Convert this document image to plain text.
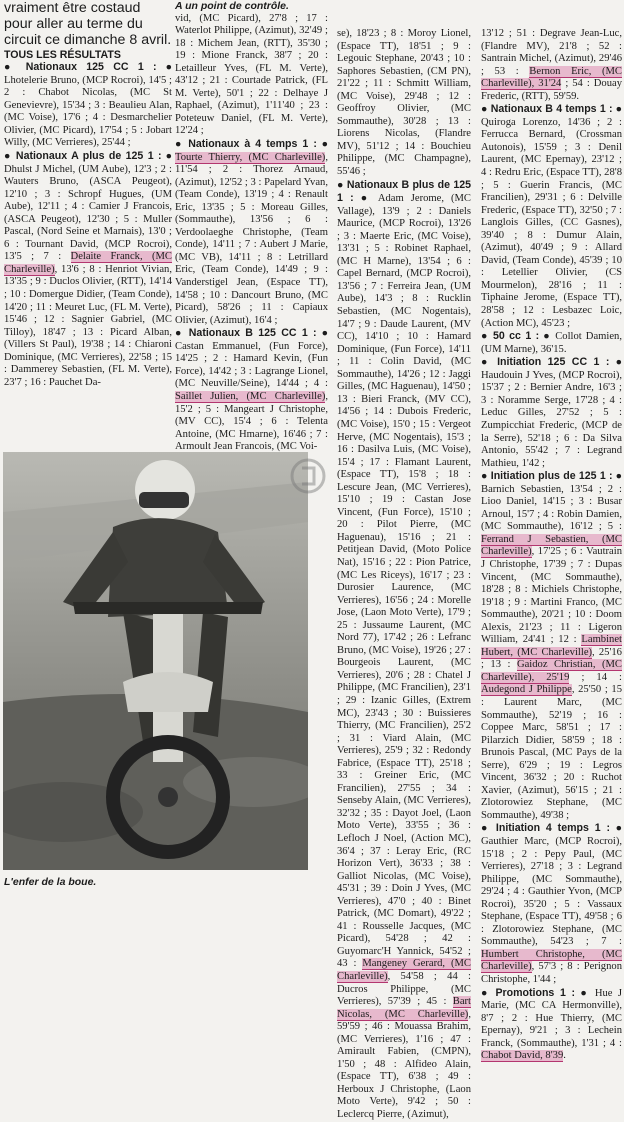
vraiment être costaud pour aller au terme du circuit ce dimanche 8 avril.

TOUS LES RÉSULTATS

● Nationaux 125 CC 1 : ● Lhotelerie Bruno, (MCP Rocroi), 14'5 ; 2 : Chabot Nicolas, (MC St Genevievre), 15'34 ; 3 : Beaulieu Alan, (MC Voise), 17'6 ; 4 : Desmarchelier Olivier, (MC Picard), 17'54 ; 5 : Jobart Willy, (MC Verrieres), 25'44 ;

● Nationaux A plus de 125 1 : ● Dhulst J Michel, (UM Aube), 12'3 ; 2 : Wauters Bruno, (ASCA Peugeot), 12'10 ; 3 : Schropf Hugues, (UM Aube), 12'11 ; 4 : Camier J Francois, (ASCA Peugeot), 12'30 ; 5 : Muller Pascal, (Nord Seine et Marnais), 13'0 ; 6 : Tournant David, (MCP Rocroi), 13'5 ; 7 : Delaite Franck, (MC Charleville), 13'6 ; 8 : Henriot Vivian, 13'35 ; 9 : Duclos Olivier, (RTT), 14'14 ; 10 : Domergue Didier, (Team Conde), 14'20 ; 11 : Meuret Luc, (FL M. Verte), 15'46 ; 12 : Sagnier Gabriel, (MC Tilloy), 18'47 ; 13 : Picard Alban, (Villers St Paul), 19'38 ; 14 : Chiaroni Dominique, (MC Verrieres), 22'58 ; 15 : Dammerey Sebastien, (FL M. Verte), 23'7 ; 16 : Pauchet Da-

L'enfer de la boue.

A un point de contrôle.

vid, (MC Picard), 27'8 ; 17 : Waterlot Philippe, (Azimut), 32'49 ; 18 : Michem Jean, (RTT), 35'30 ; 19 : Mione Franck, 38'7 ; 20 : Letailleur Yves, (FL M. Verte), 43'12 ; 21 : Courtade Patrick, (FL M. Verte), 50'1 ; 22 : Delhaye J Raphael, (Azimut), 1'11'40 ; 23 : Poteteuw Daniel, (FL M. Verte), 12'24 ;

● Nationaux à 4 temps 1 : ● Tourte Thierry, (MC Charleville), 11'54 ; 2 : Thorez Arnaud, (Azimut), 12'52 ; 3 : Papelard Yvan, (Team Conde), 13'19 ; 4 : Renault Eric, 13'35 ; 5 : Moreau Gilles, (Sommauthe), 13'56 ; 6 : Verdoolaeghe Christophe, (Team Conde), 14'11 ; 7 : Aubert J Marie, (MC VB), 14'11 ; 8 : Letrillard Eric, (Team Conde), 14'49 ; 9 : Vanderstigel Jean, (Espace TT), 14'58 ; 10 : Dancourt Bruno, (MC Picard), 58'26 ; 11 : Capiaux Olivier, (Azimut), 16'4 ;

● Nationaux B 125 CC 1 : ● Castan Emmanuel, (Fun Force), 14'25 ; 2 : Hamard Kevin, (Fun Force), 14'42 ; 3 : Lagrange Lionel, (MC Neuville/Seine), 14'44 ; 4 : Saillet Julien, (MC Charleville), 15'2 ; 5 : Mangeart J Christophe, (MV CC), 15'4 ; 6 : Telenta Antoine, (MC Hmarne), 16'46 ; 7 : Armoult Jean Francois, (MC Voi-

se), 18'23 ; 8 : Moroy Lionel, (Espace TT), 18'51 ; 9 : Legouic Stephane, 20'43 ; 10 : Saphores Sebastien, (CM PN), 21'22 ; 11 : Schmitt William, (MC Voise), 29'48 ; 12 : Geoffroy Olivier, (MC Sommauthe), 30'28 ; 13 : Liorens Nicolas, (Flandre MV), 51'12 ; 14 : Bouchieu Philippe, (MC Champagne), 55'46 ;

● Nationaux B plus de 125 1 : ● Adam Jerome, (MC Vallage), 13'9 ; 2 : Daniels Maurice, (MCP Rocroi), 13'26 ; 3 : Maerte Eric, (MC Voise), 13'31 ; 5 : Robinet Raphael, (MC H Marne), 13'54 ; 6 : Capel Bernard, (MCP Rocroi), 13'56 ; 7 : Ferreira Jean, (UM Aube), 14'3 ; 8 : Rucklin Sebastien, (MC Nogentais), 14'7 ; 9 : Daude Laurent, (MV CC), 14'10 ; 10 : Hamard Dominique, (Fun Force), 14'11 ; 11 : Colin David, (MC Sommauthe), 14'26 ; 12 : Jaggi Gilles, (MC Haguenau), 14'50 ; 13 : Bieri Franck, (MV CC), 14'56 ; 14 : Dubois Frederic, (MC Voise), 15'0 ; 15 : Vergeot Herve, (MC Nogentais), 15'3 ; 16 : Dasilva Luis, (MC Voise), 15'4 ; 17 : Flamant Laurent, (Espace TT), 15'8 ; 18 : Lescure Jean, (MC Verrieres), 15'10 ; 19 : Castan Jose Vincent, (Fun Force), 15'10 ; 20 : Pilot Pierre, (MC Haguenau), 15'16 ; 21 : Petitjean David, (Moto Police Nat), 15'16 ; 22 : Pion Patrice, (MC Les Riceys), 16'17 ; 23 : Durosier Laurence, (MC Verrieres), 16'56 ; 24 : Morelle Jose, (Laon Moto Verte), 17'9 ; 25 : Jussaume Laurent, (MC Nord 77), 17'42 ; 26 : Lefranc Bruno, (MC Voise), 19'26 ; 27 : Bourgeois Laurent, (MC Verrieres), 20'6 ; 28 : Chatel J Philippe, (MC Francilien), 23'1 ; 29 : Izanic Gilles, (Extrem MC), 23'43 ; 30 : Buissieres Thierry, (MC Francilien), 25'2 ; 31 : Viard Alain, (MC Verrieres), 25'9 ; 32 : Redondy Fabrice, (Espace TT), 25'18 ; 33 : Greiner Eric, (MC Francilien), 27'55 ; 34 : Senseby Alain, (MC Verrieres), 32'32 ; 35 : Dayot Joel, (Laon Moto Verte), 33'55 ; 36 : Lefloch J Noel, (Action MC), 36'4 ; 37 : Leray Eric, (RC Horizon Vert), 36'33 ; 38 : Galliot Nicolas, (MC Voise), 45'31 ; 39 : Doin J Yves, (MC Verrieres), 47'0 ; 40 : Binet Patrick, (MC Domart), 49'22 ; 41 : Rousselle Jacques, (MC Picard), 54'28 ; 42 : Guyomarc'H Yannick, 54'52 ; 43 : Mangeney Gerard, (MC Charleville), 54'58 ; 44 : Ducros Philippe, (MC Verrieres), 57'39 ; 45 : Bart Nicolas, (MC Charleville), 59'59 ; 46 : Mouassa Brahim, (MC Verrieres), 1'16 ; 47 : Amirault Fabien, (CMPN), 1'50 ; 48 : Alfideo Alain, (Espace TT), 6'38 ; 49 : Herboux J Christophe, (Laon Moto Verte), 9'42 ; 50 : Leclercq Pierre, (Azimut),

13'12 ; 51 : Degrave Jean-Luc, (Flandre MV), 21'8 ; 52 : Santrain Michel, (Azimut), 29'46 ; 53 : Bernon Eric, (MC Charleville), 31'24 ; 54 : Douay Frederic, (RTT), 59'59.

● Nationaux B 4 temps 1 : ● Quiroga Lorenzo, 14'36 ; 2 : Ferrucca Bernard, (Crossman Autonois), 15'59 ; 3 : Denil Laurent, (MC Epernay), 23'12 ; 4 : Redru Eric, (Espace TT), 28'8 ; 5 : Guerin Francis, (MC Francilien), 29'31 ; 6 : Delville Frederic, (Espace TT), 32'50 ; 7 : Langlois Gilles, (CC Gasnes), 39'40 ; 8 : Dumur Alain, (Azimut), 40'49 ; 9 : Allard David, (Team Conde), 45'39 ; 10 : Letellier Olivier, (CS Mourmelon), 28'16 ; 11 : Tiphaine Jerome, (Espace TT), 28'58 ; 12 : Lesbazec Loic, (Action MC), 45'23 ;

● 50 cc 1 : ● Collot Damien, (UM Marne), 36'15.

● Initiation 125 CC 1 : ● Haudouin J Yves, (MCP Rocroi), 15'37 ; 2 : Bernier Andre, 16'3 ; 3 : Noramme Serge, 17'28 ; 4 : Leduc Gilles, 27'52 ; 5 : Zumpicchiat Frederic, (MCP de la Serre), 52'18 ; 6 : Da Silva Antonio, 55'42 ; 7 : Legrand Mathieu, 1'42 ;

● Initiation plus de 125 1 : ● Barnich Sebastien, 13'54 ; 2 : Lioo Daniel, 14'15 ; 3 : Busar Arnoul, 15'7 ; 4 : Robin Damien, (MC Sommauthe), 16'12 ; 5 : Ferrand J Sebastien, (MC Charleville), 17'25 ; 6 : Vautrain J Christophe, 17'39 ; 7 : Dupas Vincent, (MC Sommauthe), 18'28 ; 8 : Michiels Christophe, 19'18 ; 9 : Martini Franco, (MC Sommauthe), 20'21 ; 10 : Doom Alexis, 21'23 ; 11 : Ligeron William, 24'41 ; 12 : Lambinet Hubert, (MC Charleville), 25'16 ; 13 : Gaidoz Christian, (MC Charleville), 25'19 ; 14 : Audegond J Philippe, 25'50 ; 15 : Laurent Marc, (MC Sommauthe), 52'19 ; 16 : Coppee Marc, 58'51 ; 17 : Pilarzich Didier, 58'59 ; 18 : Brunois Pascal, (MC Pays de la Serre), 6'29 ; 19 : Legros Vincent, 36'32 ; 20 : Ruchot Xavier, (Azimut), 56'15 ; 21 : Zlotorowiez Stephane, (MC Sommauthe), 49'38 ;

● Initiation 4 temps 1 : ● Gauthier Marc, (MCP Rocroi), 15'18 ; 2 : Pepy Paul, (MC Verrieres), 27'18 ; 3 : Legrand Philippe, (MC Sommauthe), 29'24 ; 4 : Gauthier Yvon, (MCP Rocroi), 35'20 ; 5 : Vassaux Stephane, (Espace TT), 49'58 ; 6 : Zlotorowiez Stephane, (MC Sommauthe), 54'23 ; 7 : Humbert Christophe, (MC Charleville), 57'3 ; 8 : Perignon Christophe, 1'44 ;

● Promotions 1 : ● Hue J Marie, (MC CA Hermonville), 8'7 ; 2 : Hue Thierry, (MC Epernay), 9'21 ; 3 : Lechein Franck, (Sommauthe), 1'31 ; 4 : Chabot David, 8'39.
